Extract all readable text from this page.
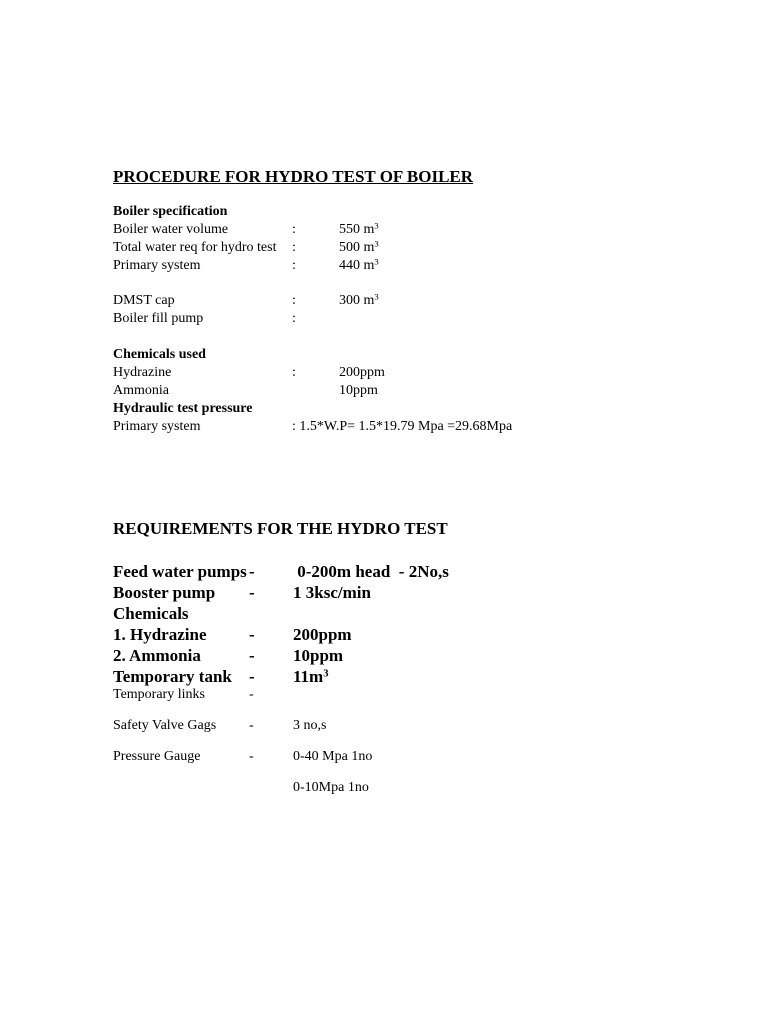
PROCEDURE FOR HYDRO TEST OF BOILER
Boiler specification
Boiler water volume	:	550 $m^3$
Total water req for hydro test :	500 $m^3$
Primary system	:	440 $m^3$
DMST cap	:	300 $m^3$
Boiler fill pump	:
Chemicals used
Hydrazine	:	200ppm
Ammonia	10ppm
Hydraulic test pressure
Primary system	: 1.5*W.P= 1.5*19.79 Mpa =29.68Mpa
REQUIREMENTS FOR THE HYDRO TEST
Feed water pumps - 0-200m head  - 2No,s
Booster pump - 1 3ksc/min
Chemicals
1. Hydrazine	- 200ppm
2. Ammonia	- 10ppm
Temporary tank - $11m^3$
Temporary links	-
Safety Valve Gags -	3 no,s
Pressure Gauge	-	0-40 Mpa 1no
0-10Mpa 1no
